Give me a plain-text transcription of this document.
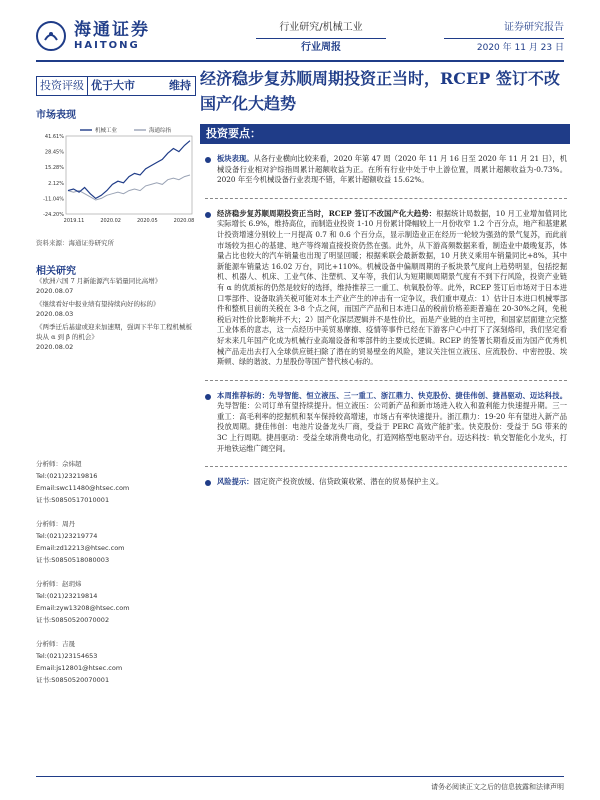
海通证券
HAITONG
行业研究/机械工业
行业周报
证券研究报告
2020 年 11 月 23 日
投资评级 优于大市	维持
市场表现
机械工业	海通综指
41.61%
28.45%
15.28%
2.12%
-11.04%
-24.20%
2019.11	2020.02	2020.05	2020.08
资料来源：海通证券研究所
相关研究
《欧洲六国 7 月新能源汽车销量同比高增》
2020.08.07
《继续看好中报业绩有望持续向好的标的》
2020.08.03
《两季迁后基建或迎来加速期，强调下半年工程机械板块从 α 到 β 的机会》
2020.08.02
分析师：佘炜超
Tel:(021)23219816
Email:swc11480@htsec.com
证书:S0850517010001
分析师：周丹
Tel:(021)23219774
Email:zd12213@htsec.com
证书:S0850518080003
分析师：赵玥炜
Tel:(021)23219814
Email:zyw13208@htsec.com
证书:S0850520070002
分析师：吉晟
Tel:(021)23154653
Email:js12801@htsec.com
证书:S0850520070001
经济稳步复苏顺周期投资正当时，RCEP 签订不改国产化大趋势
投资要点：
板块表现。从各行业横向比较来看，2020 年第 47 周（2020 年 11 月 16 日至 2020 年 11 月 21 日），机械设备行业相对沪综指周累计超额收益为正。在所有行业中处于中上游位置，周累计超额收益为-0.73%。2020 年至今机械设备行业表现不错，年累计超额收益 15.62%。
经济稳步复苏顺周期投资正当时，RCEP 签订不改国产化大趋势：根据统计局数据，10 月工业增加值同比实际增长 6.9%，维持高位，而制造业投资 1-10 月份累计降幅较上一月份收窄 1.2 个百分点，地产和基建累计投资增速分别较上一月提高 0.7 和 0.6 个百分点，显示制造业正在经历一轮较为强劲的景气复苏，而此前市场较为担心的基建、地产等终端直接投资仍然在强。此外，从下游高频数据来看，制造业中最晚复苏，体量占比也较大的汽车销量也出现了明显回暖；根据乘联会最新数据，10 月狭义乘用车销量同比+8%，其中新能源车销量达 16.02 万台，同比+110%。机械设备中偏顺周期的子板块景气度向上趋势明显，包括挖掘机、机器人、机床、工业气体、注塑机、叉车等，我们认为短期顺周期景气度有不到下行风险，投资产业链有 α 的优质标的仍然是较好的选择，维持推荐三一重工、杭氧股份等。此外，RCEP 签订后市场对于日本进口零部件、设备取消关税可能对本土产业产生的冲击有一定争议，我们重申观点：1）估计日本进口机械零部件和整机目前的关税在 3-8 个点之间，而国产产品和日本进口品的税前价格差距普遍在 20-30%之间，免税税后对性价比影响并不大；2）国产化深层逻辑并不是性价比，而是产业链的自主可控，和国家层面建立完整工业体系的意志，这一点经历中美贸易摩擦、疫情等事件已经在下游客户心中打下了深刻烙印，我们坚定看好未来几年国产化成为机械行业高端设备和零部件的主要成长逻辑。RCEP 的签署长期看反而为国产优秀机械产品走出去打入全球供应链扫除了潜在的贸易壁垒的风险，建议关注恒立液压、应流股份、中密控股、埃斯顿、绿的谐波、力星股份等国产替代核心标的。
本周推荐标的：先导智能、恒立液压、三一重工、浙江鼎力、快克股份、捷佳伟创、捷昌驱动、迈达科技。先导智能：公司订单有望持续提升。恒立液压：公司新产品和新市场进入收入和盈利能力快速提升期。三一重工：高毛利率的挖掘机和泵车保持较高增速，市场占有率快速提升。浙江鼎力：19-20 年有望进入新产品投放周期。捷佳伟创：电池片设备龙头厂商，受益于 PERC 高效产能扩张。快克股份：受益于 5G 带来的 3C 上行周期。捷昌驱动：受益全球消费电动化，打造网格型电驱动平台。迈达科技：轨交智能化小龙头，打开地铁运维广阔空间。
风险提示：固定资产投资放缓、信贷政策收紧、潜在的贸易保护主义。
请务必阅读正文之后的信息披露和法律声明
